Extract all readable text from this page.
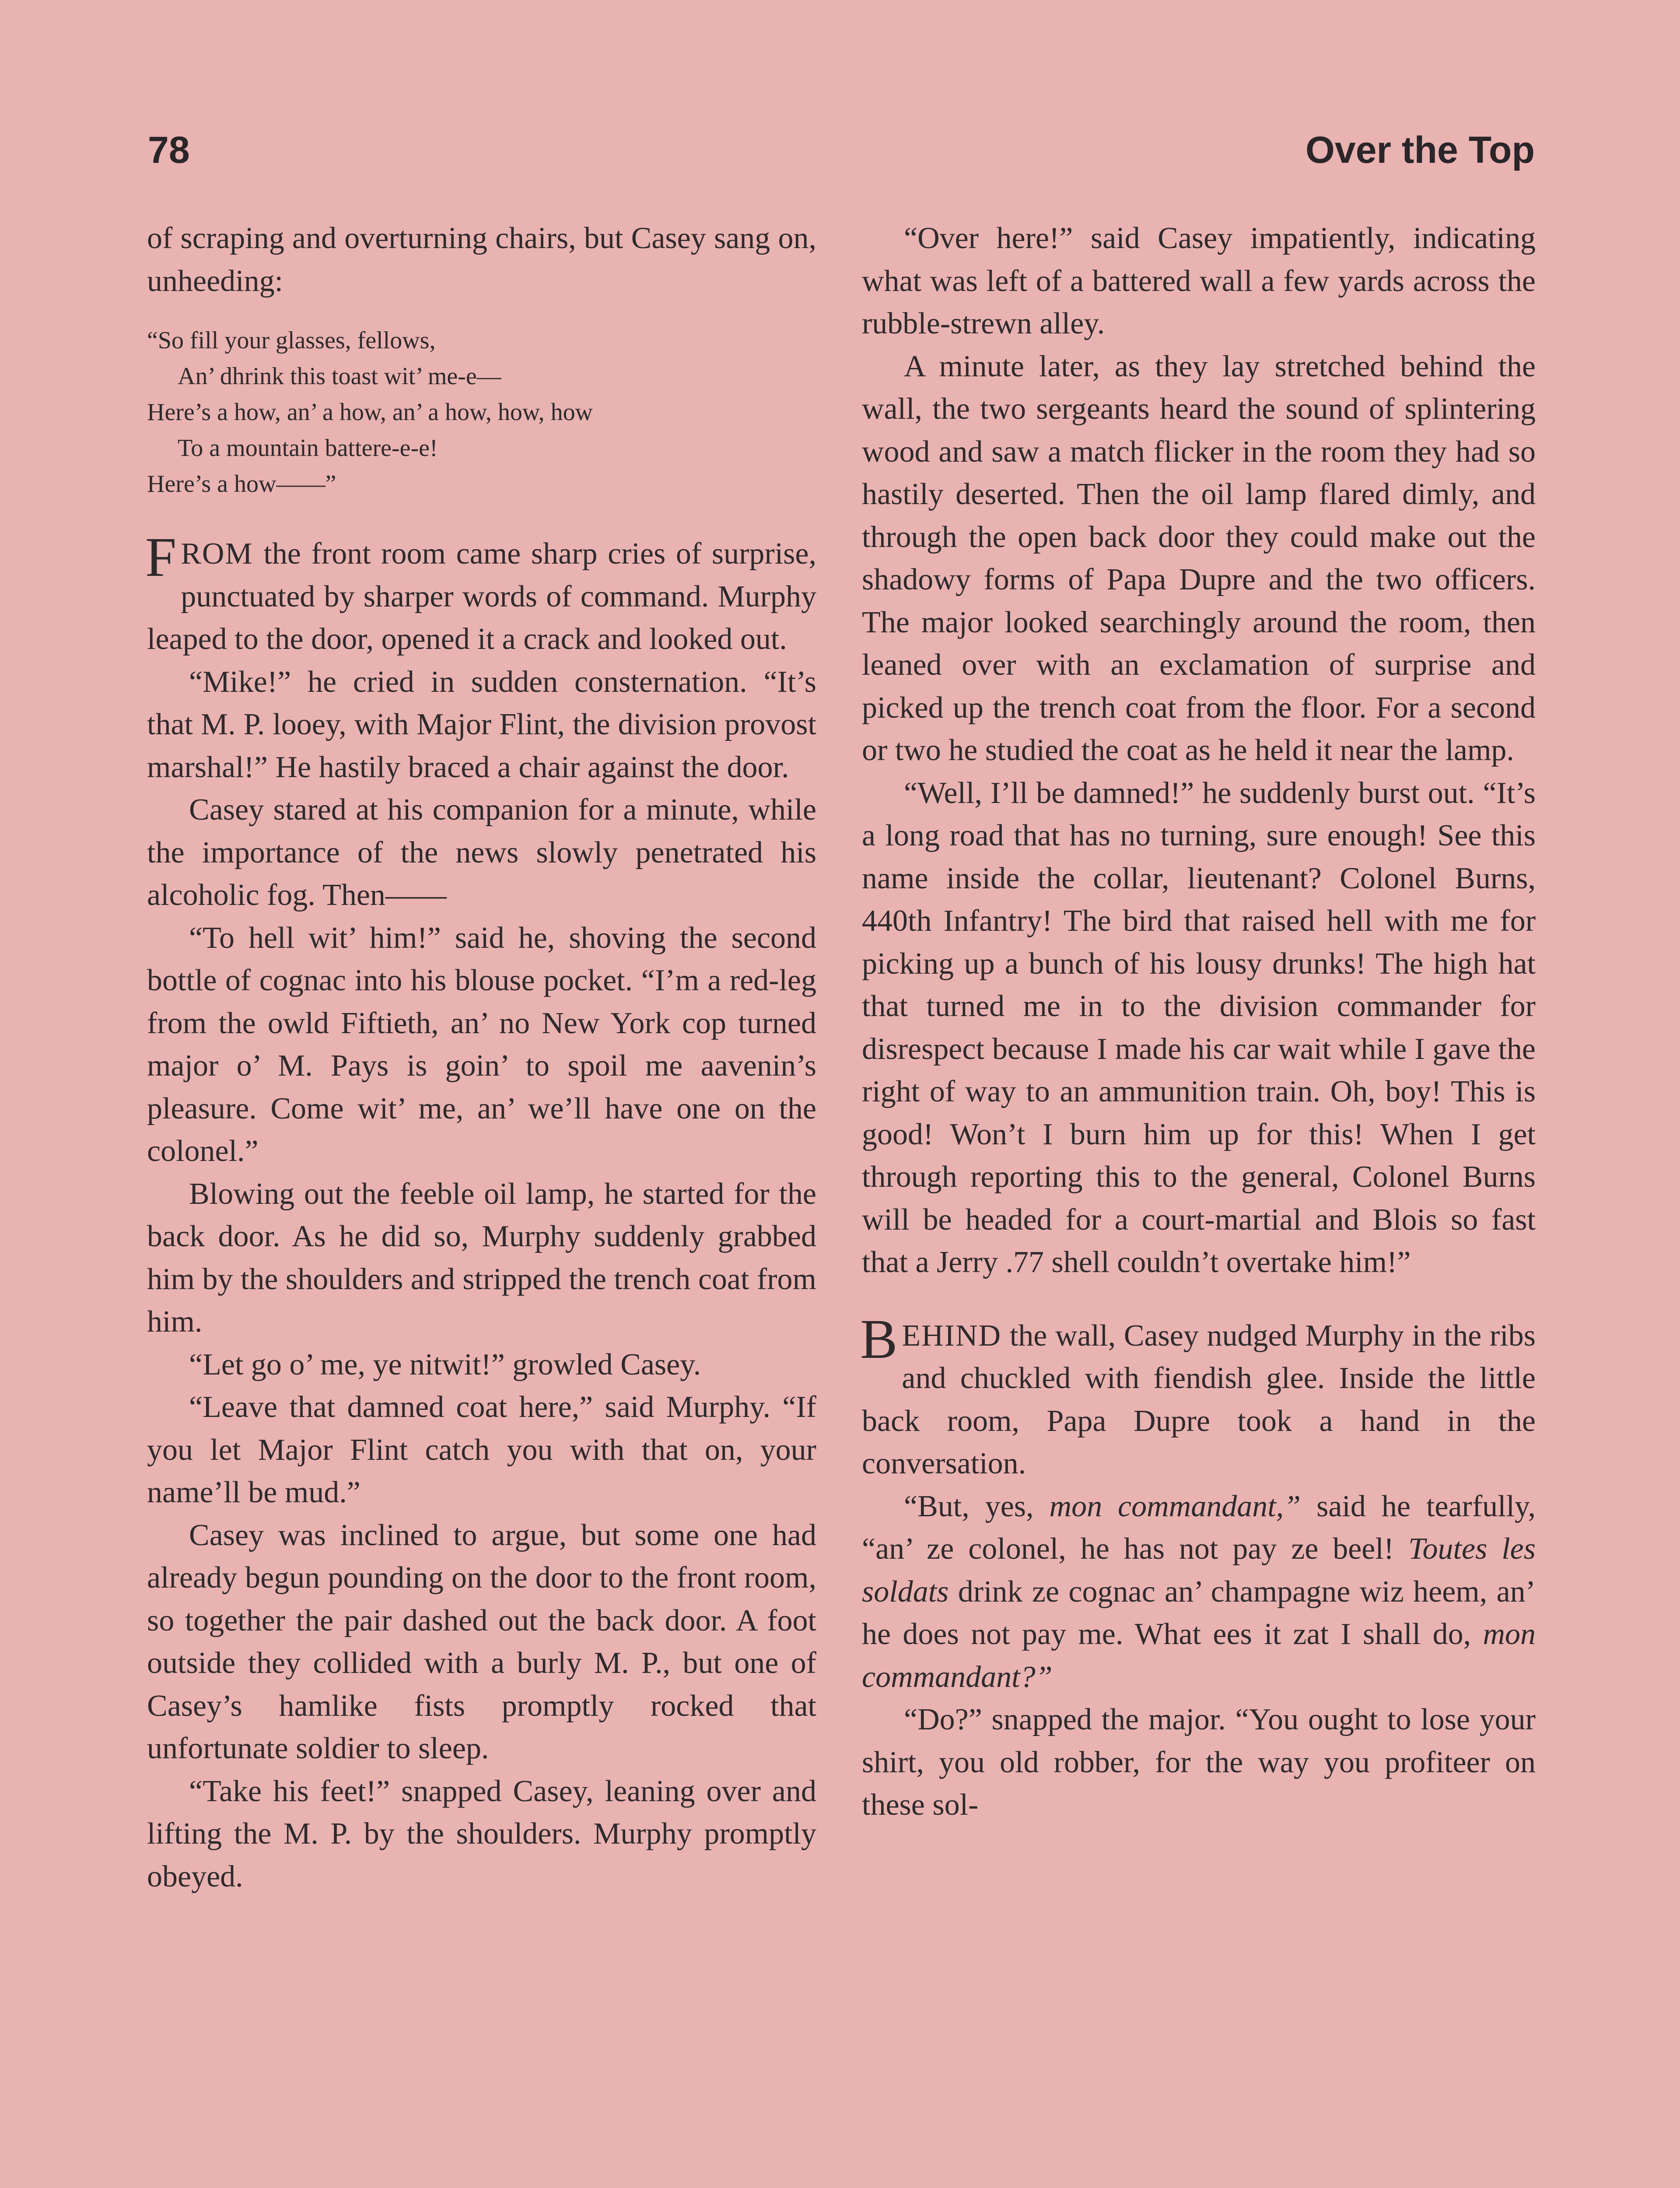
78	Over the Top

of scraping and overturning chairs, but Casey sang on, unheeding:

“So fill your glasses, fellows,
An’ dhrink this toast wit’ me-e—
Here’s a how, an’ a how, an’ a how, how, how
To a mountain battere-e-e!
Here’s a how——”

FROM the front room came sharp cries of surprise, punctuated by sharper words of command. Murphy leaped to the door, opened it a crack and looked out.

“Mike!” he cried in sudden consternation. “It’s that M. P. looey, with Major Flint, the division provost marshal!” He hastily braced a chair against the door.

Casey stared at his companion for a minute, while the importance of the news slowly penetrated his alcoholic fog. Then——

“To hell wit’ him!” said he, shoving the second bottle of cognac into his blouse pocket. “I’m a red-leg from the owld Fiftieth, an’ no New York cop turned major o’ M. Pays is goin’ to spoil me aavenin’s pleasure. Come wit’ me, an’ we’ll have one on the colonel.”

Blowing out the feeble oil lamp, he started for the back door. As he did so, Murphy suddenly grabbed him by the shoulders and stripped the trench coat from him.

“Let go o’ me, ye nitwit!” growled Casey.

“Leave that damned coat here,” said Murphy. “If you let Major Flint catch you with that on, your name’ll be mud.”

Casey was inclined to argue, but some one had already begun pounding on the door to the front room, so together the pair dashed out the back door. A foot outside they collided with a burly M. P., but one of Casey’s hamlike fists promptly rocked that unfortunate soldier to sleep.

“Take his feet!” snapped Casey, leaning over and lifting the M. P. by the shoulders. Murphy promptly obeyed.

“Over here!” said Casey impatiently, indicating what was left of a battered wall a few yards across the rubble-strewn alley.

A minute later, as they lay stretched behind the wall, the two sergeants heard the sound of splintering wood and saw a match flicker in the room they had so hastily deserted. Then the oil lamp flared dimly, and through the open back door they could make out the shadowy forms of Papa Dupre and the two officers. The major looked searchingly around the room, then leaned over with an exclamation of surprise and picked up the trench coat from the floor. For a second or two he studied the coat as he held it near the lamp.

“Well, I’ll be damned!” he suddenly burst out. “It’s a long road that has no turning, sure enough! See this name inside the collar, lieutenant? Colonel Burns, 440th Infantry! The bird that raised hell with me for picking up a bunch of his lousy drunks! The high hat that turned me in to the division commander for disrespect because I made his car wait while I gave the right of way to an ammunition train. Oh, boy! This is good! Won’t I burn him up for this! When I get through reporting this to the general, Colonel Burns will be headed for a court-martial and Blois so fast that a Jerry .77 shell couldn’t overtake him!”

BEHIND the wall, Casey nudged Murphy in the ribs and chuckled with fiendish glee. Inside the little back room, Papa Dupre took a hand in the conversation.

“But, yes, mon commandant,” said he tearfully, “an’ ze colonel, he has not pay ze beel! Toutes les soldats drink ze cognac an’ champagne wiz heem, an’ he does not pay me. What ees it zat I shall do, mon commandant?”

“Do?” snapped the major. “You ought to lose your shirt, you old robber, for the way you profiteer on these sol-
